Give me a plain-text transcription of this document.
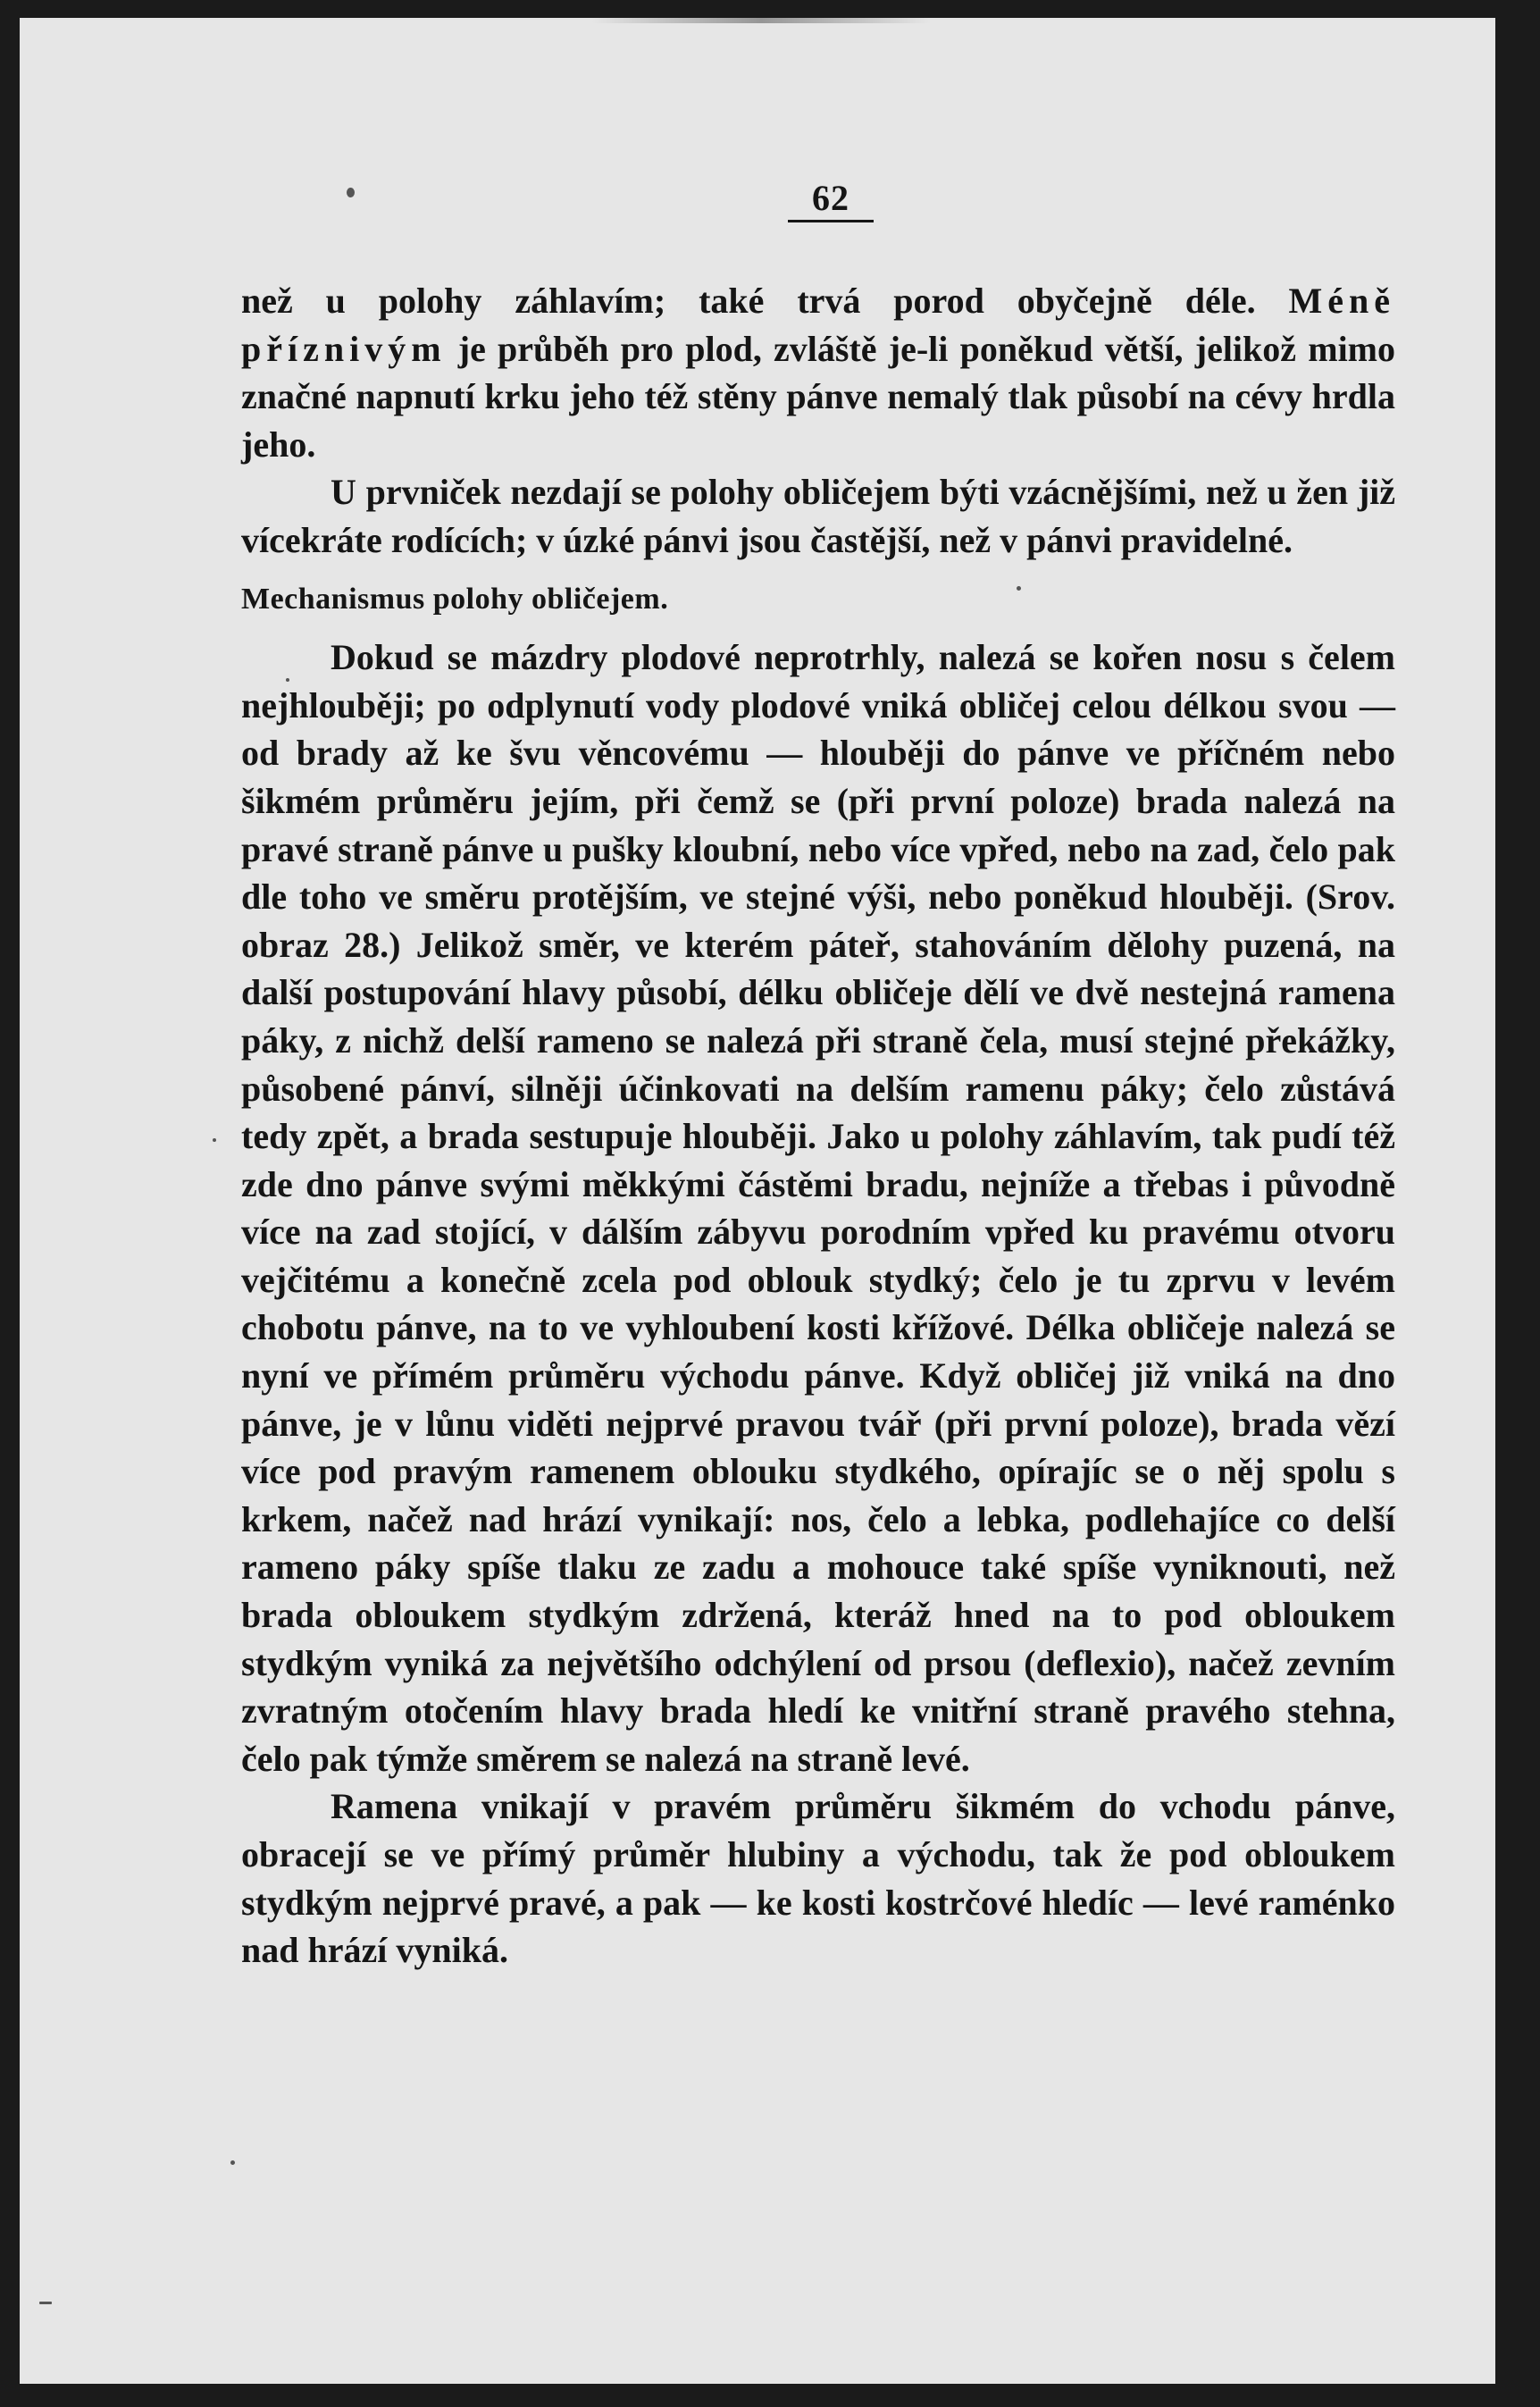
62

než u polohy záhlavím; také trvá porod obyčejně déle. Méně příznivým je průběh pro plod, zvláště je-li poněkud větší, jelikož mimo značné napnutí krku jeho též stěny pánve nemalý tlak působí na cévy hrdla jeho.

U prvniček nezdají se polohy obličejem býti vzácnějšími, než u žen již vícekráte rodících; v úzké pánvi jsou častější, než v pánvi pravidelné.

Mechanismus polohy obličejem.

Dokud se mázdry plodové neprotrhly, nalezá se kořen nosu s čelem nejhlouběji; po odplynutí vody plodové vniká obličej celou délkou svou — od brady až ke švu věncovému — hlouběji do pánve ve příčném nebo šikmém průměru jejím, při čemž se (při první poloze) brada nalezá na pravé straně pánve u pušky kloubní, nebo více vpřed, nebo na zad, čelo pak dle toho ve směru protějším, ve stejné výši, nebo poněkud hlouběji. (Srov. obraz 28.) Jelikož směr, ve kterém páteř, stahováním dělohy puzená, na další postupování hlavy působí, délku obličeje dělí ve dvě nestejná ramena páky, z nichž delší rameno se nalezá při straně čela, musí stejné překážky, působené pánví, silněji účinkovati na delším ramenu páky; čelo zůstává tedy zpět, a brada sestupuje hlouběji. Jako u polohy záhlavím, tak pudí též zde dno pánve svými měkkými částěmi bradu, nejníže a třebas i původně více na zad stojící, v dálším zábyvu porodním vpřed ku pravému otvoru vejčitému a konečně zcela pod oblouk stydký; čelo je tu zprvu v levém chobotu pánve, na to ve vyhloubení kosti křížové. Délka obličeje nalezá se nyní ve přímém průměru východu pánve. Když obličej již vniká na dno pánve, je v lůnu viděti nejprvé pravou tvář (při první poloze), brada vězí více pod pravým ramenem oblouku stydkého, opírajíc se o něj spolu s krkem, načež nad hrází vynikají: nos, čelo a lebka, podlehajíce co delší rameno páky spíše tlaku ze zadu a mohouce také spíše vyniknouti, než brada obloukem stydkým zdržená, kteráž hned na to pod obloukem stydkým vyniká za největšího odchýlení od prsou (deflexio), načež zevním zvratným otočením hlavy brada hledí ke vnitřní straně pravého stehna, čelo pak týmže směrem se nalezá na straně levé.

Ramena vnikají v pravém průměru šikmém do vchodu pánve, obracejí se ve přímý průměr hlubiny a východu, tak že pod obloukem stydkým nejprvé pravé, a pak — ke kosti kostrčové hledíc — levé raménko nad hrází vyniká.
